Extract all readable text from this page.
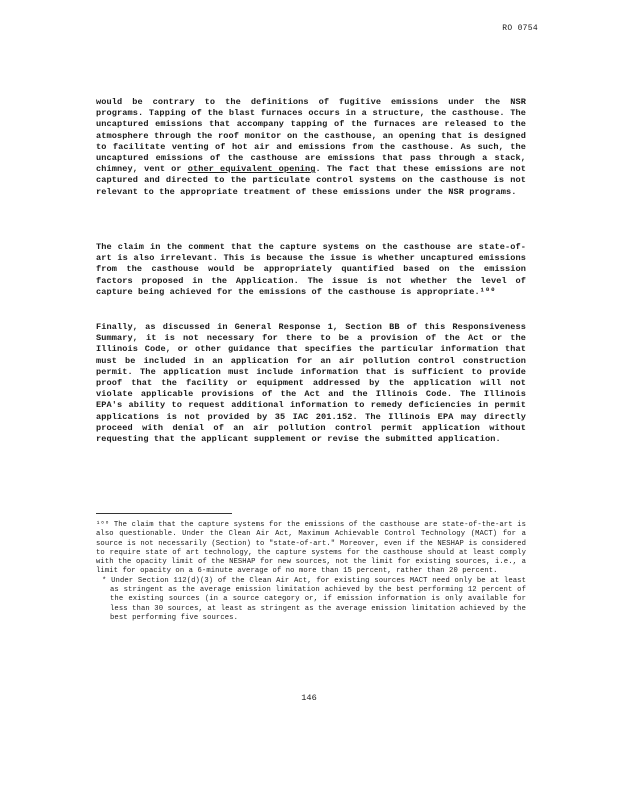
RO 0754

would be contrary to the definitions of fugitive emissions under the NSR programs. Tapping of the blast furnaces occurs in a structure, the casthouse. The uncaptured emissions that accompany tapping of the furnaces are released to the atmosphere through the roof monitor on the casthouse, an opening that is designed to facilitate venting of hot air and emissions from the casthouse. As such, the uncaptured emissions of the casthouse are emissions that pass through a stack, chimney, vent or other equivalent opening. The fact that these emissions are not captured and directed to the particulate control systems on the casthouse is not relevant to the appropriate treatment of these emissions under the NSR programs.

The claim in the comment that the capture systems on the casthouse are state-of-art is also irrelevant. This is because the issue is whether uncaptured emissions from the casthouse would be appropriately quantified based on the emission factors proposed in the Application. The issue is not whether the level of capture being achieved for the emissions of the casthouse is appropriate.¹⁰⁰

Finally, as discussed in General Response 1, Section BB of this Responsiveness Summary, it is not necessary for there to be a provision of the Act or the Illinois Code, or other guidance that specifies the particular information that must be included in an application for an air pollution control construction permit. The application must include information that is sufficient to provide proof that the facility or equipment addressed by the application will not violate applicable provisions of the Act and the Illinois Code. The Illinois EPA's ability to request additional information to remedy deficiencies in permit applications is not provided by 35 IAC 201.152. The Illinois EPA may directly proceed with denial of an air pollution control permit application without requesting that the applicant supplement or revise the submitted application.

¹⁰⁰ The claim that the capture systems for the emissions of the casthouse are state-of-the-art is also questionable. Under the Clean Air Act, Maximum Achievable Control Technology (MACT) for a source is not necessarily (Section) to "state-of-art." Moreover, even if the NESHAP is considered to require state of art technology, the capture systems for the casthouse should at least comply with the opacity limit of the NESHAP for new sources, not the limit for existing sources, i.e., a limit for opacity on a 6-minute average of no more than 15 percent, rather than 20 percent.

* Under Section 112(d)(3) of the Clean Air Act, for existing sources MACT need only be at least as stringent as the average emission limitation achieved by the best performing 12 percent of the existing sources (in a source category or, if emission information is only available for less than 30 sources, at least as stringent as the average emission limitation achieved by the best performing five sources.

146
